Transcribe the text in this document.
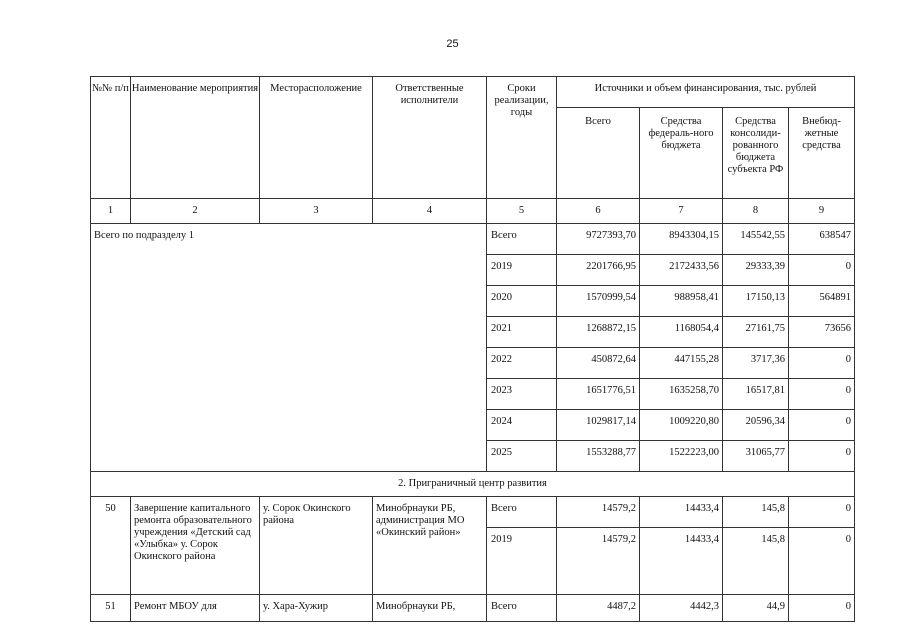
25
№№ п/п	Наименование мероприятия	Месторасположение	Ответственные исполнители	Сроки реализации, годы	Источники и объем финансирования, тыс. рублей			
					Всего	Средства федераль-ного бюджета	Средства консолиди-рованного бюджета субъекта РФ	Внебюд-жетные средства
1	2	3	4	5	6	7	8	9
Всего по подразделу 1				Всего	9727393,70	8943304,15	145542,55	638547
				2019	2201766,95	2172433,56	29333,39	0
				2020	1570999,54	988958,41	17150,13	564891
				2021	1268872,15	1168054,4	27161,75	73656
				2022	450872,64	447155,28	3717,36	0
				2023	1651776,51	1635258,70	16517,81	0
				2024	1029817,14	1009220,80	20596,34	0
				2025	1553288,77	1522223,00	31065,77	0
2. Приграничный центр развития								
50	Завершение капитального ремонта образовательного учреждения «Детский сад «Улыбка» у. Сорок Окинского района	у. Сорок Окинского района	Минобрнауки РБ, администрация МО «Окинский район»	Всего	14579,2	14433,4	145,8	0
				2019	14579,2	14433,4	145,8	0
51	Ремонт МБОУ для	у. Хара-Хужир	Минобрнауки РБ,	Всего	4487,2	4442,3	44,9	0
